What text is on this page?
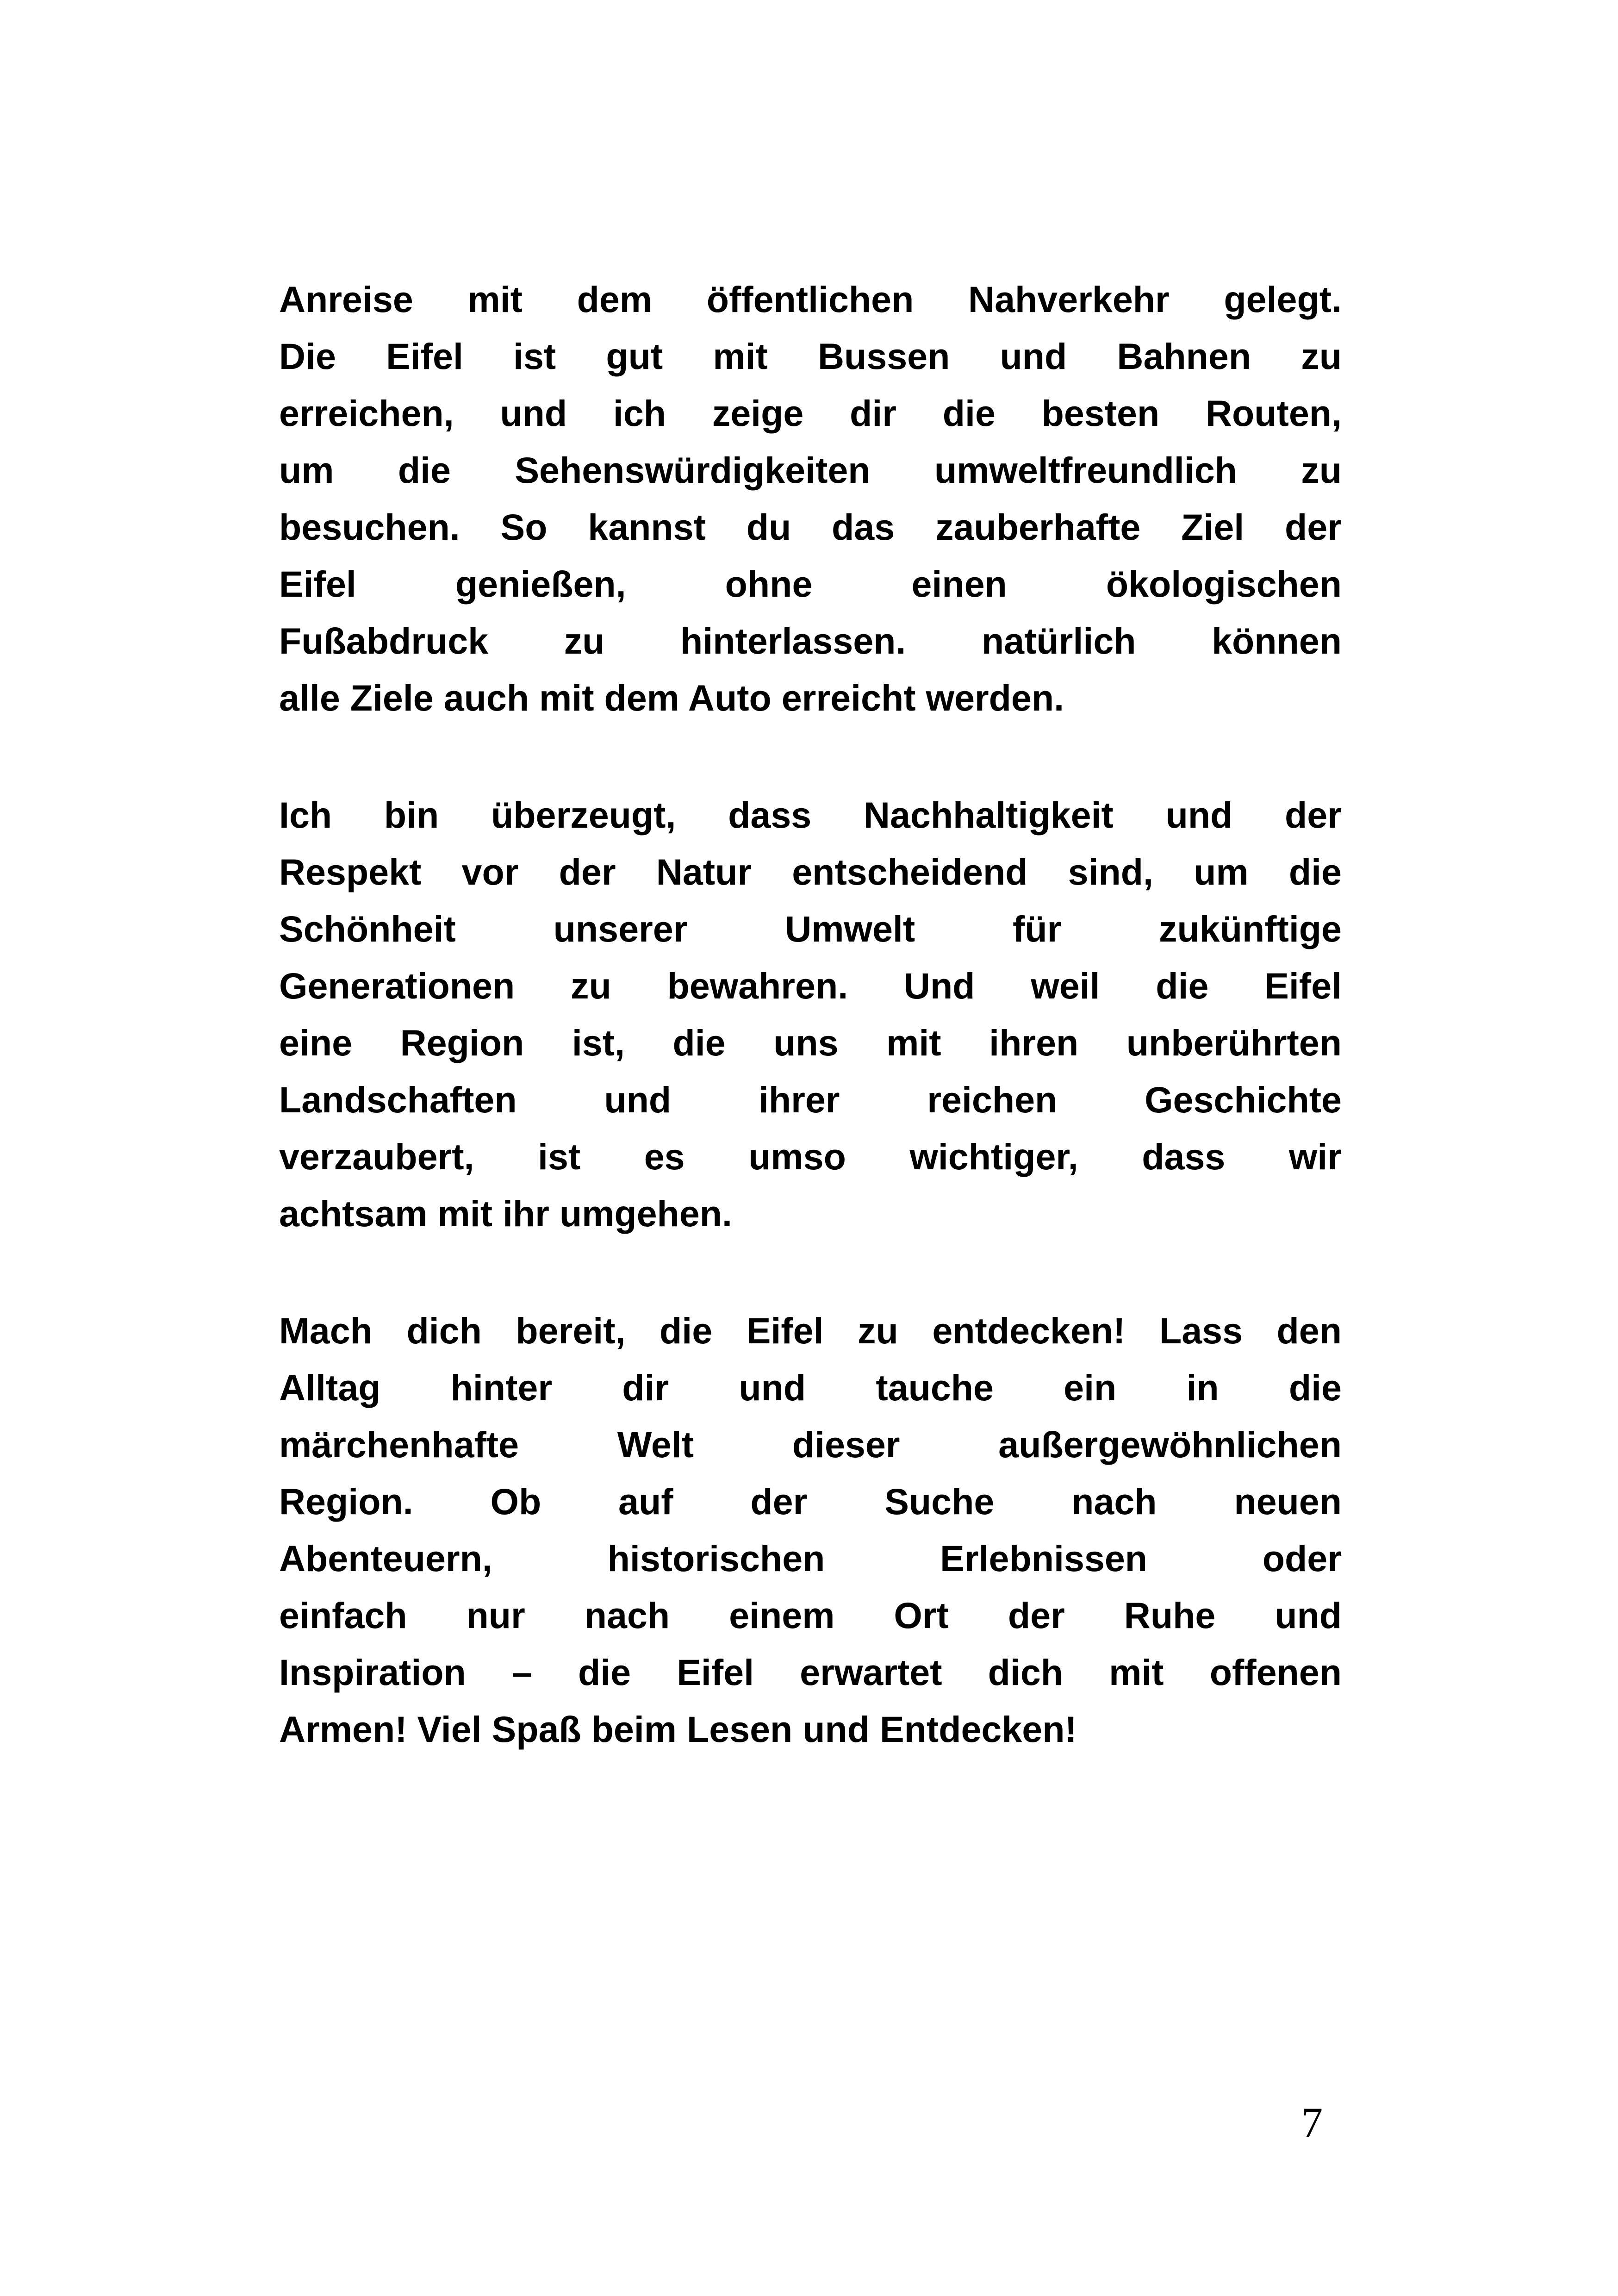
Anreise mit dem öffentlichen Nahverkehr gelegt.
Die Eifel ist gut mit Bussen und Bahnen zu
erreichen, und ich zeige dir die besten Routen,
um die Sehenswürdigkeiten umweltfreundlich zu
besuchen. So kannst du das zauberhafte Ziel der
Eifel genießen, ohne einen ökologischen
Fußabdruck zu hinterlassen. natürlich können
alle Ziele auch mit dem Auto erreicht werden.
Ich bin überzeugt, dass Nachhaltigkeit und der
Respekt vor der Natur entscheidend sind, um die
Schönheit unserer Umwelt für zukünftige
Generationen zu bewahren. Und weil die Eifel
eine Region ist, die uns mit ihren unberührten
Landschaften und ihrer reichen Geschichte
verzaubert, ist es umso wichtiger, dass wir
achtsam mit ihr umgehen.
Mach dich bereit, die Eifel zu entdecken! Lass den
Alltag hinter dir und tauche ein in die
märchenhafte Welt dieser außergewöhnlichen
Region. Ob auf der Suche nach neuen
Abenteuern, historischen Erlebnissen oder
einfach nur nach einem Ort der Ruhe und
Inspiration – die Eifel erwartet dich mit offenen
Armen! Viel Spaß beim Lesen und Entdecken!
7
